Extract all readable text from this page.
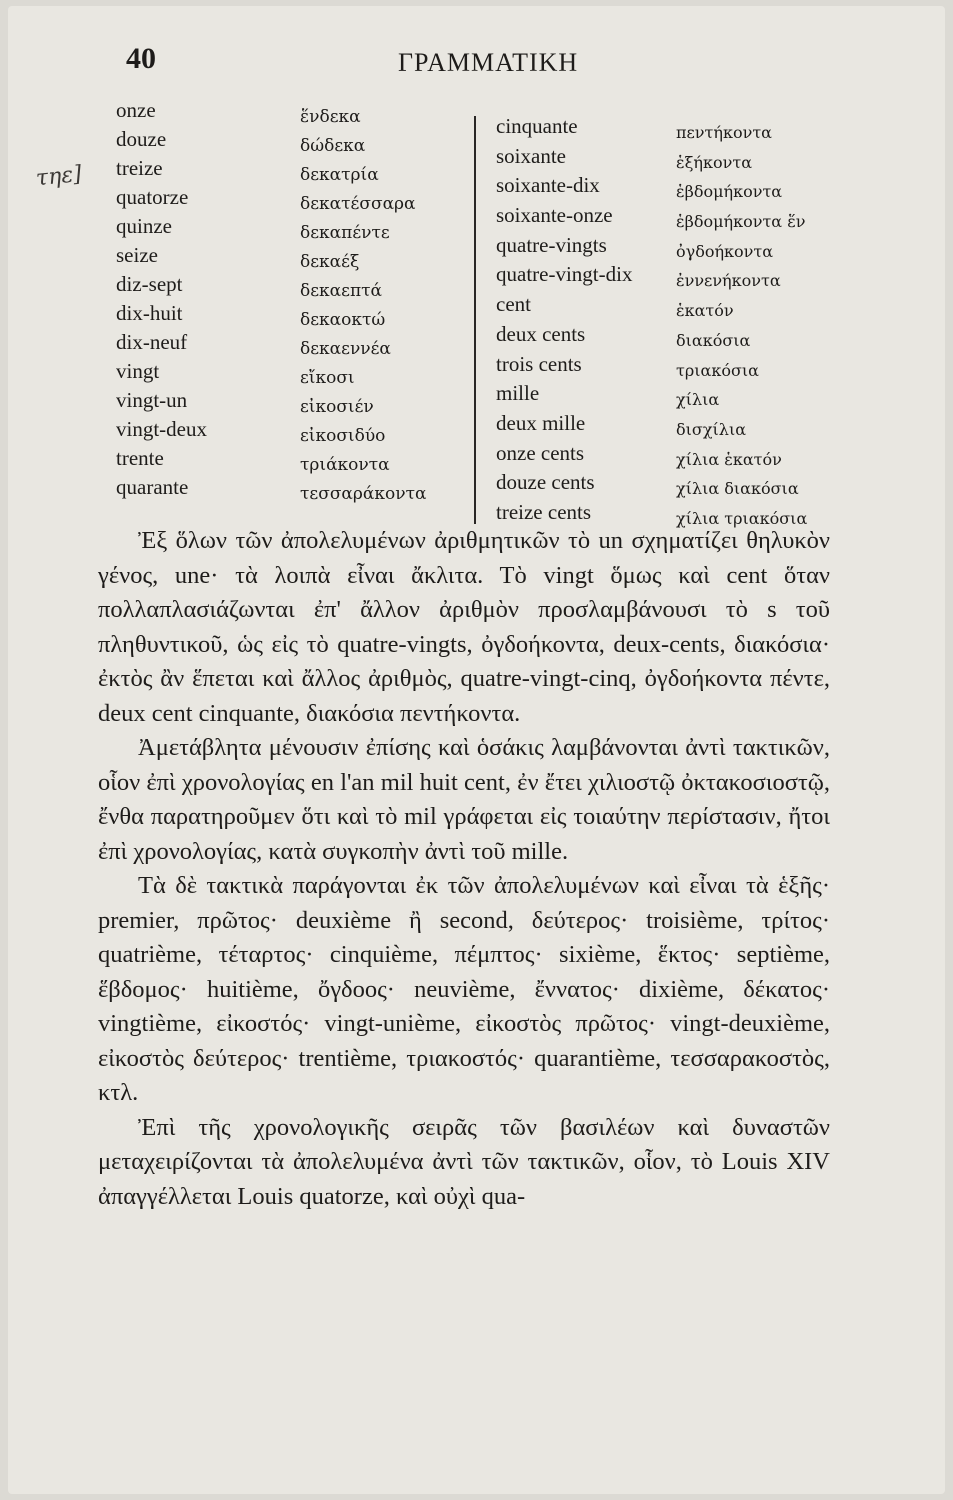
40	ΓΡΑΜΜΑΤΙΚΗ
τηε]
onze
douze
treize
quatorze
quinze
seize
diz-sept
dix-huit
dix-neuf
vingt
vingt-un
vingt-deux
trente
quarante
ἕνδεκα
δώδεκα
δεκατρία
δεκατέσσαρα
δεκαπέντε
δεκαέξ
δεκαεπτά
δεκαοκτώ
δεκαεννέα
εἴκοσι
εἰκοσιέν
εἰκοσιδύο
τριάκοντα
τεσσαράκοντα
cinquante
soixante
soixante-dix
soixante-onze
quatre-vingts
quatre-vingt-dix
cent
deux cents
trois cents
mille
deux mille
onze cents
douze cents
treize cents
πεντήκοντα
ἑξήκοντα
ἑβδομήκοντα
ἑβδομήκοντα ἕν
ὀγδοήκοντα
ἐννενήκοντα
ἑκατόν
διακόσια
τριακόσια
χίλια
δισχίλια
χίλια ἑκατόν
χίλια διακόσια
χίλια τριακόσια

Ἐξ ὅλων τῶν ἀπολελυμένων ἀριθμητικῶν τὸ un σχηματίζει θηλυκὸν γένος, une· τὰ λοιπὰ εἶναι ἄκλιτα. Τὸ vingt ὅμως καὶ cent ὅταν πολλαπλασιάζωνται ἐπ' ἄλλον ἀριθμὸν προσλαμβάνουσι τὸ s τοῦ πληθυντικοῦ, ὡς εἰς τὸ quatre-vingts, ὀγδοήκοντα, deux-cents, διακόσια· ἐκτὸς ἂν ἕπεται καὶ ἄλλος ἀριθμὸς, quatre-vingt-cinq, ὀγδοήκοντα πέντε, deux cent cinquante, διακόσια πεντήκοντα.

Ἀμετάβλητα μένουσιν ἐπίσης καὶ ὁσάκις λαμβάνονται ἀντὶ τακτικῶν, οἷον ἐπὶ χρονολογίας en l'an mil huit cent, ἐν ἔτει χιλιοστῷ ὀκτακοσιοστῷ, ἔνθα παρατηροῦμεν ὅτι καὶ τὸ mil γράφεται εἰς τοιαύτην περίστασιν, ἤτοι ἐπὶ χρονολογίας, κατὰ συγκοπὴν ἀντὶ τοῦ mille.

Τὰ δὲ τακτικὰ παράγονται ἐκ τῶν ἀπολελυμένων καὶ εἶναι τὰ ἑξῆς· premier, πρῶτος· deuxième ἢ second, δεύτερος· troisième, τρίτος· quatrième, τέταρτος· cinquième, πέμπτος· sixième, ἕκτος· septième, ἕβδομος· huitième, ὄγδοος· neuvième, ἔννατος· dixième, δέκατος· vingtième, εἰκοστός· vingt-unième, εἰκοστὸς πρῶτος· vingt-deuxième, εἰκοστὸς δεύτερος· trentième, τριακοστός· quarantième, τεσσαρακοστὸς, κτλ.

Ἐπὶ τῆς χρονολογικῆς σειρᾶς τῶν βασιλέων καὶ δυναστῶν μεταχειρίζονται τὰ ἀπολελυμένα ἀντὶ τῶν τακτικῶν, οἷον, τὸ Louis XIV ἀπαγγέλλεται Louis quatorze, καὶ οὐχὶ qua-
